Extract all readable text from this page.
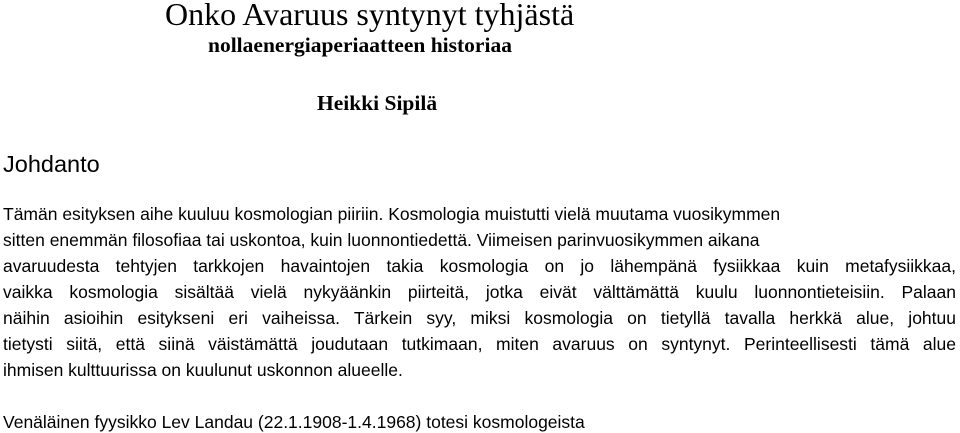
Onko Avaruus syntynyt tyhjästä
nollaenergiaperiaatteen historiaa

Heikki Sipilä

Johdanto

Tämän esityksen aihe kuuluu kosmologian piiriin. Kosmologia muistutti vielä muutama vuosikymmen

sitten enemmän filosofiaa tai uskontoa, kuin luonnontiedettä. Viimeisen parinvuosikymmen aikana

avaruudesta tehtyjen tarkkojen havaintojen takia kosmologia on jo lähempänä fysiikkaa kuin metafysiikkaa,

vaikka kosmologia sisältää vielä nykyäänkin piirteitä, jotka eivät välttämättä kuulu luonnontieteisiin. Palaan

näihin asioihin esitykseni eri vaiheissa. Tärkein syy, miksi kosmologia on tietyllä tavalla herkkä alue, johtuu

tietysti siitä, että siinä väistämättä joudutaan tutkimaan, miten avaruus on syntynyt. Perinteellisesti tämä alue

ihmisen kulttuurissa on kuulunut uskonnon alueelle.

Venäläinen fyysikko Lev Landau (22.1.1908-1.4.1968) totesi kosmologeista
